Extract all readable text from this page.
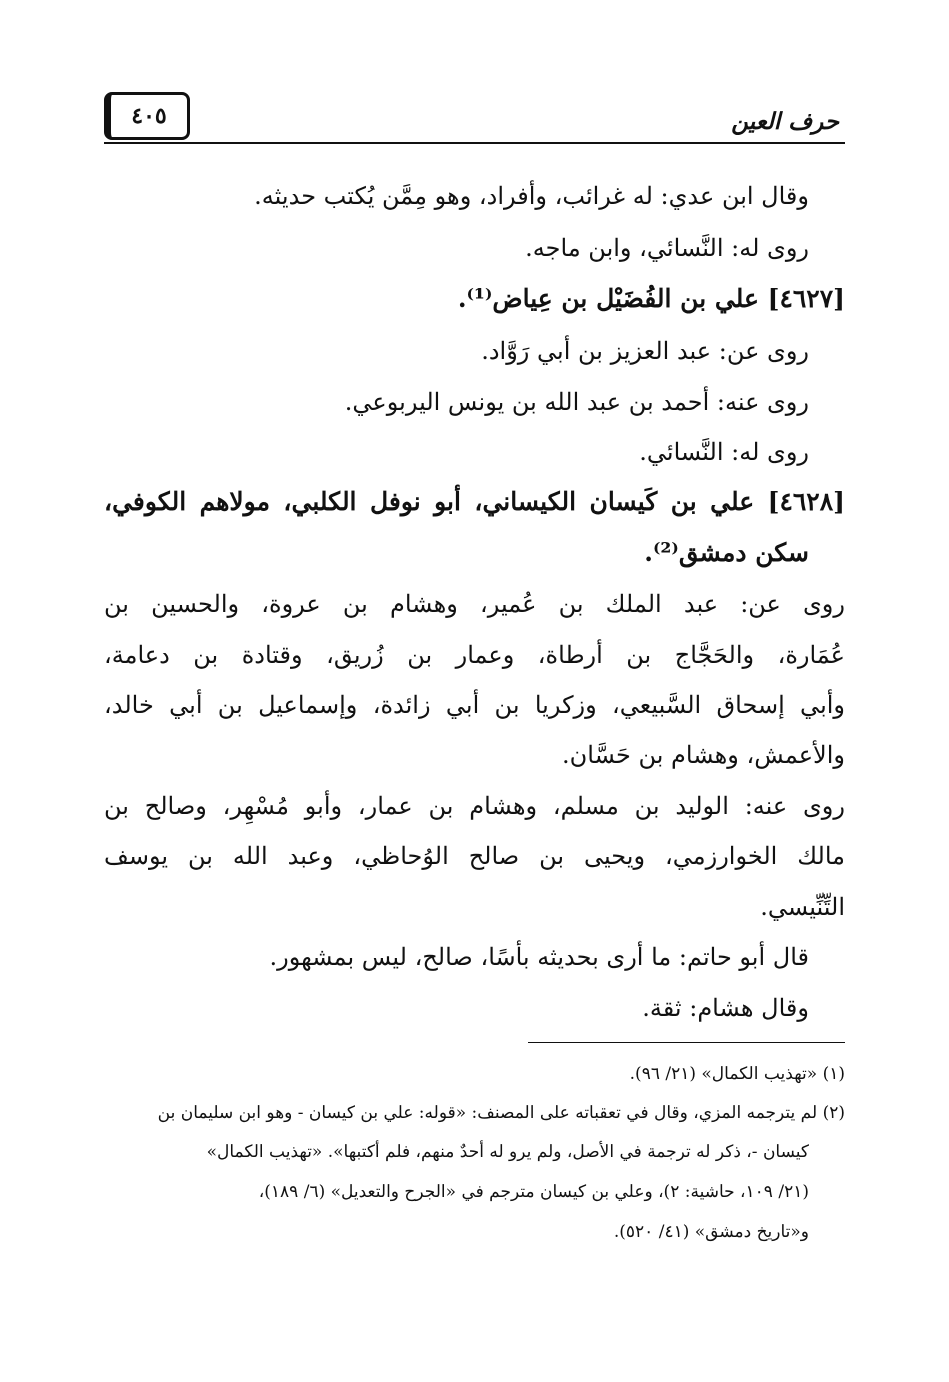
حرف العين
٤٠٥
وقال ابن عدي: له غرائب، وأفراد، وهو مِمَّن يُكتب حديثه.
روى له: النَّسائي، وابن ماجه.
[٤٦٢٧] علي بن الفُضَيْل بن عِياض⁽¹⁾.
روى عن: عبد العزيز بن أبي رَوَّاد.
روى عنه: أحمد بن عبد الله بن يونس اليربوعي.
روى له: النَّسائي.
[٤٦٢٨] علي بن كَيسان الكيساني، أبو نوفل الكلبي، مولاهم الكوفي،
سكن دمشق⁽²⁾.
روى عن: عبد الملك بن عُمير، وهشام بن عروة، والحسين بن
عُمَارة، والحَجَّاج بن أرطاة، وعمار بن زُريق، وقتادة بن دعامة،
وأبي إسحاق السَّبيعي، وزكريا بن أبي زائدة، وإسماعيل بن أبي خالد،
والأعمش، وهشام بن حَسَّان.
روى عنه: الوليد بن مسلم، وهشام بن عمار، وأبو مُسْهِر، وصالح بن
مالك الخوارزمي، ويحيى بن صالح الوُحاظي، وعبد الله بن يوسف
التِّنِّيسي.
قال أبو حاتم: ما أرى بحديثه بأسًا، صالح، ليس بمشهور.
وقال هشام: ثقة.
(١) «تهذيب الكمال» (٢١/ ٩٦).
(٢) لم يترجمه المزي، وقال في تعقباته على المصنف: «قوله: علي بن كيسان - وهو ابن سليمان بن
كيسان -، ذكر له ترجمة في الأصل، ولم يرو له أحدٌ منهم، فلم أكتبها». «تهذيب الكمال»
(٢١/ ١٠٩، حاشية: ٢)، وعلي بن كيسان مترجم في «الجرح والتعديل» (٦/ ١٨٩)،
و«تاريخ دمشق» (٤١/ ٥٢٠).
